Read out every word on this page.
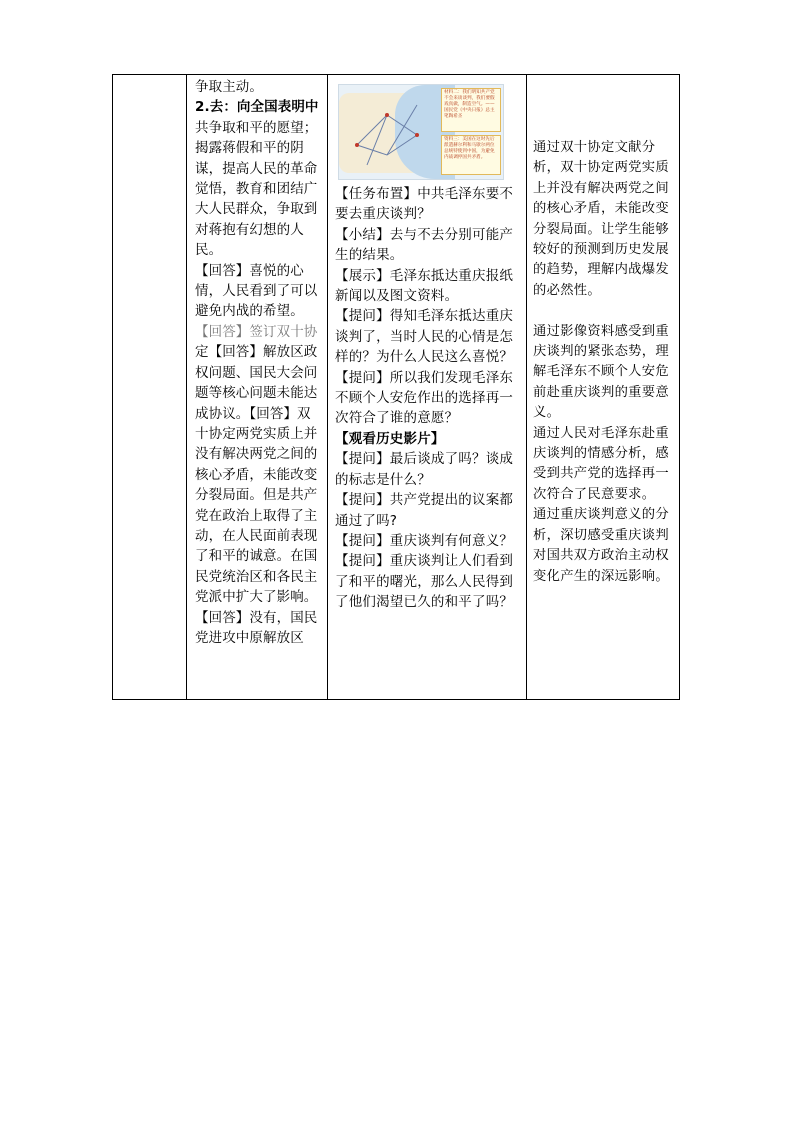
争取主动。
2.去：向全国表明中
共争取和平的愿望；
揭露蒋假和平的阴
谋，提高人民的革命
觉悟，教育和团结广
大人民群众，争取到
对蒋抱有幻想的人
民。
【回答】喜悦的心
情，人民看到了可以
避免内战的希望。
【回答】签订双十协
定【回答】解放区政
权问题、国民大会问
题等核心问题未能达
成协议。【回答】双
十协定两党实质上并
没有解决两党之间的
核心矛盾，未能改变
分裂局面。但是共产
党在政治上取得了主
动，在人民面前表现
了和平的诚意。在国
民党统治区和各民主
党派中扩大了影响。
【回答】没有，国民
党进攻中原解放区
材料二：我们明知共产党不会来谈谈判，我们要假戏真做，制造空气。——国民党《中央日报》总主笔陶希圣
资料三：美国在这时先后派遣赫尔利和马歇尔两位总统特使到中国，为避免内战调停国共矛盾。
【任务布置】中共毛泽东要不
要去重庆谈判？
【小结】去与不去分别可能产
生的结果。
【展示】毛泽东抵达重庆报纸
新闻以及图文资料。
【提问】得知毛泽东抵达重庆
谈判了，当时人民的心情是怎
样的？为什么人民这么喜悦？
【提问】所以我们发现毛泽东
不顾个人安危作出的选择再一
次符合了谁的意愿？
【观看历史影片】
【提问】最后谈成了吗？谈成
的标志是什么？
【提问】共产党提出的议案都
通过了吗?
【提问】重庆谈判有何意义？
【提问】重庆谈判让人们看到
了和平的曙光，那么人民得到
了他们渴望已久的和平了吗？
通过双十协定文献分
析，双十协定两党实质
上并没有解决两党之间
的核心矛盾，未能改变
分裂局面。让学生能够
较好的预测到历史发展
的趋势，理解内战爆发
的必然性。
通过影像资料感受到重
庆谈判的紧张态势，理
解毛泽东不顾个人安危
前赴重庆谈判的重要意
义。
通过人民对毛泽东赴重
庆谈判的情感分析，感
受到共产党的选择再一
次符合了民意要求。
通过重庆谈判意义的分
析，深切感受重庆谈判
对国共双方政治主动权
变化产生的深远影响。
